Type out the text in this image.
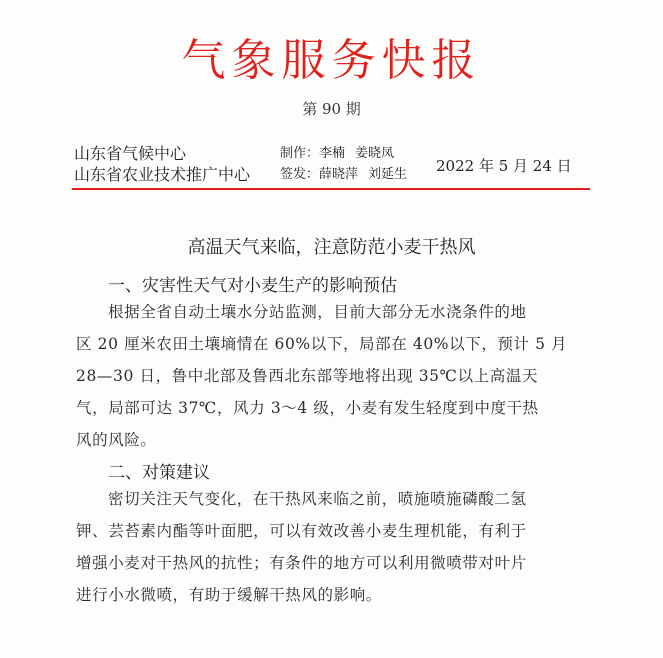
气象服务快报
第 90 期
山东省气候中心
山东省农业技术推广中心
制作：李楠 姜晓凤
签发：薛晓萍 刘延生 2022 年 5 月 24 日
高温天气来临，注意防范小麦干热风
一、灾害性天气对小麦生产的影响预估
根据全省自动土壤水分站监测，目前大部分无水浇条件的地
区 20 厘米农田土壤墒情在 60%以下，局部在 40%以下，预计 5 月
28—30 日，鲁中北部及鲁西北东部等地将出现 35℃以上高温天
气，局部可达 37℃，风力 3～4 级，小麦有发生轻度到中度干热
风的风险。
二、对策建议
密切关注天气变化，在干热风来临之前，喷施喷施磷酸二氢
钾、芸苔素内酯等叶面肥，可以有效改善小麦生理机能，有利于
增强小麦对干热风的抗性；有条件的地方可以利用微喷带对叶片
进行小水微喷，有助于缓解干热风的影响。
